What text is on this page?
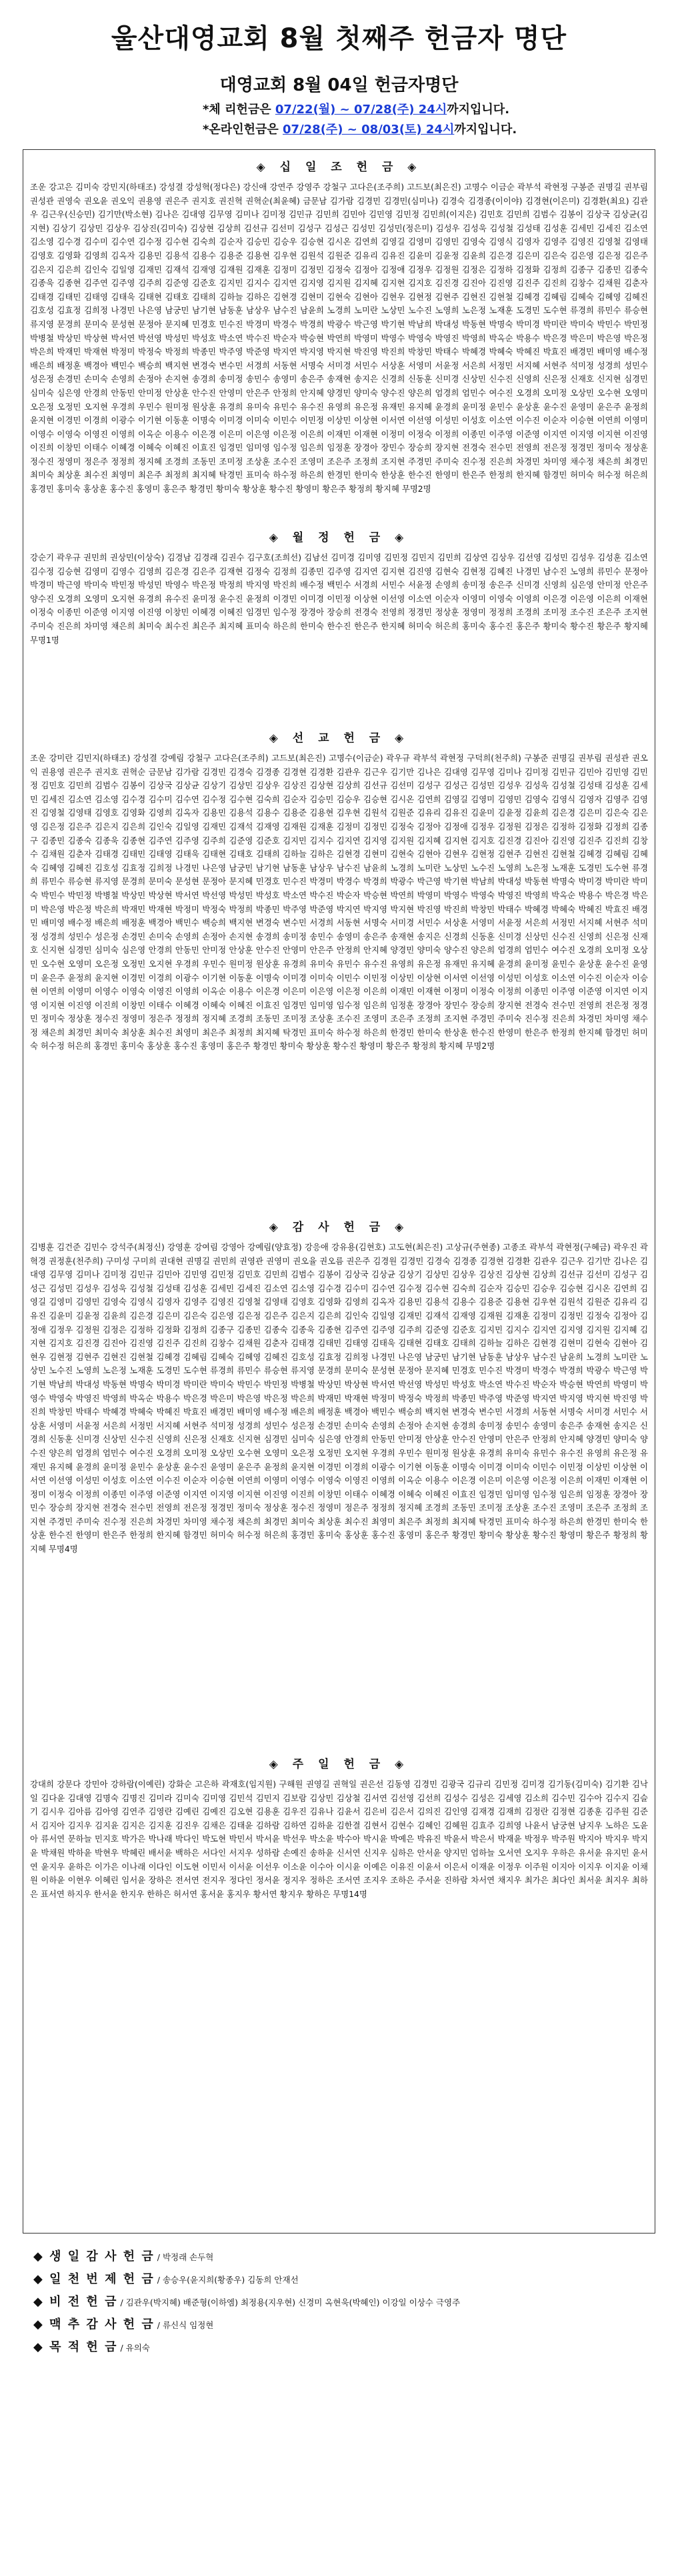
울산대영교회 8월 첫째주 헌금자 명단
대영교회 8월 04일 헌금자명단
*체 리헌금은 07/22(월) ~ 07/28(주) 24시까지입니다.
*온라인헌금은 07/28(주) ~ 08/03(토) 24시까지입니다.
◈ 십 일 조 헌 금 ◈
조운 강고은 김미숙 강민지(하태조) 강성결 강성혁(정다은) 강신애 강연주 강영주 강철구 고다은(조주희) 고드보(최은진) 고명수 이금순 곽부석 곽현정 구봉준 권명길 권부림 권성관 권영숙 권오윤 권오익 권용영 권은주 권지호 권진혁 권혁순(최윤혜) 금문남 김가람 김경민 김경민(심미나) 김경숙 김경종(이이야) 김경현(이은미) 김경환(최요) 김관우 김근우(신승민) 김기만(박소현) 김나은 김대영 김무영 김미나 김미정 김민규 김민희 김민아 김민영 김민정 김민희(이지은) 김민호 김민희 김범수 김봉이 김상국 김상균(김지현) 김상기 김상민 김상우 김상진(김미숙) 김상현 김상희 김선규 김선미 김성구 김성근 김성민 김성민(정은미) 김성우 김성욱 김성철 김성태 김성훈 김세민 김세진 김소연 김소영 김수경 김수미 김수연 김수정 김수현 김숙희 김순자 김승민 김승우 김승현 김시온 김연희 김영길 김영미 김영민 김영숙 김영식 김영자 김영주 김영진 김영철 김영태 김영호 김영화 김영희 김옥자 김용민 김용석 김용수 김용준 김용현 김우현 김원석 김원준 김유리 김유진 김윤미 김윤정 김윤희 김은경 김은미 김은숙 김은영 김은정 김은주 김은지 김은희 김인숙 김일영 김재민 김재석 김재영 김재원 김재훈 김정미 김정민 김정숙 김정아 김정애 김정우 김정원 김정은 김정하 김정화 김정희 김종구 김종민 김종숙 김종욱 김종현 김주연 김주영 김주희 김준영 김준호 김지민 김지수 김지연 김지영 김지원 김지혜 김지현 김지호 김진경 김진아 김진영 김진주 김진희 김창수 김채원 김춘자 김태경 김태민 김태영 김태욱 김태현 김태호 김태희 김하늘 김하은 김현경 김현미 김현숙 김현아 김현우 김현정 김현주 김현진 김현철 김혜경 김혜림 김혜숙 김혜영 김혜진 김호성 김효정 김희정 나경민 나은영 남궁민 남기현 남동훈 남상우 남수진 남윤희 노경희 노미란 노상민 노수진 노영희 노은정 노재훈 도경민 도수현 류경희 류민수 류승현 류지영 문경희 문미숙 문성현 문정아 문지혜 민경호 민수진 박경미 박경수 박경희 박광수 박근영 박기현 박남희 박대성 박동현 박명숙 박미경 박미란 박미숙 박민수 박민정 박병철 박상민 박상현 박서연 박선영 박성민 박성호 박소연 박수진 박순자 박승현 박연희 박영미 박영수 박영숙 박영진 박영희 박옥순 박용수 박은경 박은미 박은영 박은정 박은희 박재민 박재현 박정미 박정숙 박정희 박종민 박주영 박준영 박지연 박지영 박지현 박진영 박진희 박창민 박태수 박혜경 박혜숙 박혜진 박효진 배경민 배미영 배수정 배은희 배정훈 백경아 백민수 백승희 백지현 변경숙 변수민 서경희 서동현 서명숙 서미경 서민수 서상훈 서영미 서윤정 서은희 서정민 서지혜 서현주 석미정 성경희 성민수 성은정 손경민 손미숙 손영희 손정아 손지현 송경희 송미정 송민수 송영미 송은주 송재현 송지은 신경희 신동훈 신미경 신상민 신수진 신영희 신은정 신재호 신지현 심경민 심미숙 심은영 안경희 안동민 안미정 안상훈 안수진 안영미 안은주 안정희 안지혜 양경민 양미숙 양수진 양은희 엄경희 엄민수 여수진 오경희 오미정 오상민 오수현 오영미 오은정 오정민 오지현 우경희 우민수 원미정 원상훈 유경희 유미숙 유민수 유수진 유영희 유은정 유재민 유지혜 윤경희 윤미정 윤민수 윤상훈 윤수진 윤영미 윤은주 윤정희 윤지현 이경민 이경희 이광수 이기현 이동훈 이명숙 이미경 이미숙 이민수 이민정 이상민 이상현 이서연 이선영 이성민 이성호 이소연 이수진 이순자 이승현 이연희 이영미 이영수 이영숙 이영진 이영희 이옥순 이용수 이은경 이은미 이은영 이은정 이은희 이재민 이재현 이정미 이정숙 이정희 이종민 이주영 이준영 이지연 이지영 이지현 이진영 이진희 이창민 이태수 이혜경 이혜숙 이혜진 이효진 임경민 임미영 임수정 임은희 임정훈 장경아 장민수 장승희 장지현 전경숙 전수민 전영희 전은정 정경민 정미숙 정상훈 정수진 정영미 정은주 정정희 정지혜 조경희 조동민 조미정 조상훈 조수진 조영미 조은주 조정희 조지현 주경민 주미숙 진수정 진은희 차경민 차미영 채수정 채은희 최경민 최미숙 최상훈 최수진 최영미 최은주 최정희 최지혜 탁경민 표미숙 하수정 하은희 한경민 한미숙 한상훈 한수진 한영미 한은주 한정희 한지혜 함경민 허미숙 허수정 허은희 홍경민 홍미숙 홍상훈 홍수진 홍영미 홍은주 황경민 황미숙 황상훈 황수진 황영미 황은주 황정희 황지혜 무명2명
◈ 월 정 헌 금 ◈
강순기 곽우규 권민희 권상민(이상숙) 김경남 김경래 김권수 김구호(조희선) 김남선 김미경 김미영 김민정 김민지 김민희 김상연 김상우 김선영 김성민 김성우 김성훈 김소연 김수정 김승현 김영미 김영수 김영희 김은경 김은주 김재현 김정숙 김정희 김종민 김주영 김지연 김지현 김진영 김현숙 김현정 김혜진 나경민 남수진 노영희 류민수 문정아 박경미 박근영 박미숙 박민정 박성민 박영수 박은정 박정희 박지영 박진희 배수정 백민수 서경희 서민수 서윤정 손영희 송미정 송은주 신미경 신영희 심은영 안미정 안은주 양수진 오경희 오영미 오지현 유경희 유수진 윤미정 윤수진 윤정희 이경민 이미경 이민정 이상현 이선영 이소연 이순자 이영미 이영숙 이영희 이은경 이은영 이은희 이재현 이정숙 이종민 이준영 이지영 이진영 이창민 이혜경 이혜진 임경민 임수정 장경아 장승희 전경숙 전영희 정경민 정상훈 정영미 정정희 조경희 조미정 조수진 조은주 조지현 주미숙 진은희 차미영 채은희 최미숙 최수진 최은주 최지혜 표미숙 하은희 한미숙 한수진 한은주 한지혜 허미숙 허은희 홍미숙 홍수진 홍은주 황미숙 황수진 황은주 황지혜 무명1명
◈ 선 교 헌 금 ◈
조운 강미란 김민지(하태조) 강성결 강예림 강철구 고다은(조주희) 고드보(최은진) 고명수(이금순) 곽우규 곽부석 곽현정 구덕희(천주희) 구봉준 권명길 권부림 권성관 권오익 권용영 권은주 권지호 권혁순 금문남 김가람 김경민 김경숙 김경종 김경현 김경환 김관우 김근우 김기만 김나은 김대영 김무영 김미나 김미정 김민규 김민아 김민영 김민정 김민호 김민희 김범수 김봉이 김상국 김상균 김상기 김상민 김상우 김상진 김상현 김상희 김선규 김선미 김성구 김성근 김성민 김성우 김성욱 김성철 김성태 김성훈 김세민 김세진 김소연 김소영 김수경 김수미 김수연 김수정 김수현 김숙희 김순자 김승민 김승우 김승현 김시온 김연희 김영길 김영미 김영민 김영숙 김영식 김영자 김영주 김영진 김영철 김영태 김영호 김영화 김영희 김옥자 김용민 김용석 김용수 김용준 김용현 김우현 김원석 김원준 김유리 김유진 김윤미 김윤정 김윤희 김은경 김은미 김은숙 김은영 김은정 김은주 김은지 김은희 김인숙 김일영 김재민 김재석 김재영 김재원 김재훈 김정미 김정민 김정숙 김정아 김정애 김정우 김정원 김정은 김정하 김정화 김정희 김종구 김종민 김종숙 김종욱 김종현 김주연 김주영 김주희 김준영 김준호 김지민 김지수 김지연 김지영 김지원 김지혜 김지현 김지호 김진경 김진아 김진영 김진주 김진희 김창수 김채원 김춘자 김태경 김태민 김태영 김태욱 김태현 김태호 김태희 김하늘 김하은 김현경 김현미 김현숙 김현아 김현우 김현정 김현주 김현진 김현철 김혜경 김혜림 김혜숙 김혜영 김혜진 김호성 김효정 김희정 나경민 나은영 남궁민 남기현 남동훈 남상우 남수진 남윤희 노경희 노미란 노상민 노수진 노영희 노은정 노재훈 도경민 도수현 류경희 류민수 류승현 류지영 문경희 문미숙 문성현 문정아 문지혜 민경호 민수진 박경미 박경수 박경희 박광수 박근영 박기현 박남희 박대성 박동현 박명숙 박미경 박미란 박미숙 박민수 박민정 박병철 박상민 박상현 박서연 박선영 박성민 박성호 박소연 박수진 박순자 박승현 박연희 박영미 박영수 박영숙 박영진 박영희 박옥순 박용수 박은경 박은미 박은영 박은정 박은희 박재민 박재현 박정미 박정숙 박정희 박종민 박주영 박준영 박지연 박지영 박지현 박진영 박진희 박창민 박태수 박혜경 박혜숙 박혜진 박효진 배경민 배미영 배수정 배은희 배정훈 백경아 백민수 백승희 백지현 변경숙 변수민 서경희 서동현 서명숙 서미경 서민수 서상훈 서영미 서윤정 서은희 서정민 서지혜 서현주 석미정 성경희 성민수 성은정 손경민 손미숙 손영희 손정아 손지현 송경희 송미정 송민수 송영미 송은주 송재현 송지은 신경희 신동훈 신미경 신상민 신수진 신영희 신은정 신재호 신지현 심경민 심미숙 심은영 안경희 안동민 안미정 안상훈 안수진 안영미 안은주 안정희 안지혜 양경민 양미숙 양수진 양은희 엄경희 엄민수 여수진 오경희 오미정 오상민 오수현 오영미 오은정 오정민 오지현 우경희 우민수 원미정 원상훈 유경희 유미숙 유민수 유수진 유영희 유은정 유재민 유지혜 윤경희 윤미정 윤민수 윤상훈 윤수진 윤영미 윤은주 윤정희 윤지현 이경민 이경희 이광수 이기현 이동훈 이명숙 이미경 이미숙 이민수 이민정 이상민 이상현 이서연 이선영 이성민 이성호 이소연 이수진 이순자 이승현 이연희 이영미 이영수 이영숙 이영진 이영희 이옥순 이용수 이은경 이은미 이은영 이은정 이은희 이재민 이재현 이정미 이정숙 이정희 이종민 이주영 이준영 이지연 이지영 이지현 이진영 이진희 이창민 이태수 이혜경 이혜숙 이혜진 이효진 임경민 임미영 임수정 임은희 임정훈 장경아 장민수 장승희 장지현 전경숙 전수민 전영희 전은정 정경민 정미숙 정상훈 정수진 정영미 정은주 정정희 정지혜 조경희 조동민 조미정 조상훈 조수진 조영미 조은주 조정희 조지현 주경민 주미숙 진수정 진은희 차경민 차미영 채수정 채은희 최경민 최미숙 최상훈 최수진 최영미 최은주 최정희 최지혜 탁경민 표미숙 하수정 하은희 한경민 한미숙 한상훈 한수진 한영미 한은주 한정희 한지혜 함경민 허미숙 허수정 허은희 홍경민 홍미숙 홍상훈 홍수진 홍영미 홍은주 황경민 황미숙 황상훈 황수진 황영미 황은주 황정희 황지혜 무명2명
◈ 감 사 헌 금 ◈
김병훈 김건준 김민수 강석주(최정신) 강영훈 강여림 강영아 강예림(양효정) 강응애 강유용(김현호) 고도현(최은진) 고상규(주현종) 고종조 곽부석 곽현정(구혜금) 곽우진 곽혁경 권정훈(천주희) 구미성 구미희 권대현 권명길 권민희 권영관 권영미 권오율 권오름 권은주 김경원 김경민 김경숙 김경종 김경현 김경환 김관우 김근우 김기만 김나은 김대영 김무영 김미나 김미정 김민규 김민아 김민영 김민정 김민호 김민희 김범수 김봉이 김상국 김상균 김상기 김상민 김상우 김상진 김상현 김상희 김선규 김선미 김성구 김성근 김성민 김성우 김성욱 김성철 김성태 김성훈 김세민 김세진 김소연 김소영 김수경 김수미 김수연 김수정 김수현 김숙희 김순자 김승민 김승우 김승현 김시온 김연희 김영길 김영미 김영민 김영숙 김영식 김영자 김영주 김영진 김영철 김영태 김영호 김영화 김영희 김옥자 김용민 김용석 김용수 김용준 김용현 김우현 김원석 김원준 김유리 김유진 김윤미 김윤정 김윤희 김은경 김은미 김은숙 김은영 김은정 김은주 김은지 김은희 김인숙 김일영 김재민 김재석 김재영 김재원 김재훈 김정미 김정민 김정숙 김정아 김정애 김정우 김정원 김정은 김정하 김정화 김정희 김종구 김종민 김종숙 김종욱 김종현 김주연 김주영 김주희 김준영 김준호 김지민 김지수 김지연 김지영 김지원 김지혜 김지현 김지호 김진경 김진아 김진영 김진주 김진희 김창수 김채원 김춘자 김태경 김태민 김태영 김태욱 김태현 김태호 김태희 김하늘 김하은 김현경 김현미 김현숙 김현아 김현우 김현정 김현주 김현진 김현철 김혜경 김혜림 김혜숙 김혜영 김혜진 김호성 김효정 김희정 나경민 나은영 남궁민 남기현 남동훈 남상우 남수진 남윤희 노경희 노미란 노상민 노수진 노영희 노은정 노재훈 도경민 도수현 류경희 류민수 류승현 류지영 문경희 문미숙 문성현 문정아 문지혜 민경호 민수진 박경미 박경수 박경희 박광수 박근영 박기현 박남희 박대성 박동현 박명숙 박미경 박미란 박미숙 박민수 박민정 박병철 박상민 박상현 박서연 박선영 박성민 박성호 박소연 박수진 박순자 박승현 박연희 박영미 박영수 박영숙 박영진 박영희 박옥순 박용수 박은경 박은미 박은영 박은정 박은희 박재민 박재현 박정미 박정숙 박정희 박종민 박주영 박준영 박지연 박지영 박지현 박진영 박진희 박창민 박태수 박혜경 박혜숙 박혜진 박효진 배경민 배미영 배수정 배은희 배정훈 백경아 백민수 백승희 백지현 변경숙 변수민 서경희 서동현 서명숙 서미경 서민수 서상훈 서영미 서윤정 서은희 서정민 서지혜 서현주 석미정 성경희 성민수 성은정 손경민 손미숙 손영희 손정아 손지현 송경희 송미정 송민수 송영미 송은주 송재현 송지은 신경희 신동훈 신미경 신상민 신수진 신영희 신은정 신재호 신지현 심경민 심미숙 심은영 안경희 안동민 안미정 안상훈 안수진 안영미 안은주 안정희 안지혜 양경민 양미숙 양수진 양은희 엄경희 엄민수 여수진 오경희 오미정 오상민 오수현 오영미 오은정 오정민 오지현 우경희 우민수 원미정 원상훈 유경희 유미숙 유민수 유수진 유영희 유은정 유재민 유지혜 윤경희 윤미정 윤민수 윤상훈 윤수진 윤영미 윤은주 윤정희 윤지현 이경민 이경희 이광수 이기현 이동훈 이명숙 이미경 이미숙 이민수 이민정 이상민 이상현 이서연 이선영 이성민 이성호 이소연 이수진 이순자 이승현 이연희 이영미 이영수 이영숙 이영진 이영희 이옥순 이용수 이은경 이은미 이은영 이은정 이은희 이재민 이재현 이정미 이정숙 이정희 이종민 이주영 이준영 이지연 이지영 이지현 이진영 이진희 이창민 이태수 이혜경 이혜숙 이혜진 이효진 임경민 임미영 임수정 임은희 임정훈 장경아 장민수 장승희 장지현 전경숙 전수민 전영희 전은정 정경민 정미숙 정상훈 정수진 정영미 정은주 정정희 정지혜 조경희 조동민 조미정 조상훈 조수진 조영미 조은주 조정희 조지현 주경민 주미숙 진수정 진은희 차경민 차미영 채수정 채은희 최경민 최미숙 최상훈 최수진 최영미 최은주 최정희 최지혜 탁경민 표미숙 하수정 하은희 한경민 한미숙 한상훈 한수진 한영미 한은주 한정희 한지혜 함경민 허미숙 허수정 허은희 홍경민 홍미숙 홍상훈 홍수진 홍영미 홍은주 황경민 황미숙 황상훈 황수진 황영미 황은주 황정희 황지혜 무명4명
◈ 주 일 헌 금 ◈
강대희 강문다 강민아 강하람(이예린) 강화순 고은하 곽재호(임지원) 구해원 권영길 권혁일 권은선 김동영 김경민 김광국 김규리 김민정 김미경 김기동(김미숙) 김기환 김낙일 김다윤 김대영 김명숙 김명진 김미라 김미숙 김미영 김민석 김민지 김보람 김상민 김상철 김서연 김선영 김선희 김성수 김성은 김세영 김소희 김수민 김수아 김수지 김슬기 김시우 김아름 김아영 김연주 김영란 김예린 김예진 김오현 김용훈 김우진 김유나 김윤서 김은비 김은서 김의진 김인영 김재경 김재희 김정란 김정현 김종훈 김주원 김준서 김지아 김지우 김지윤 김지은 김지훈 김진우 김채은 김태윤 김하람 김하연 김하윤 김한결 김현서 김현수 김혜인 김혜원 김효주 김희영 나윤서 남궁현 남지우 노하은 도윤아 류서연 문하늘 민지호 박가은 박나래 박다인 박도현 박민서 박서윤 박선우 박소윤 박수아 박시윤 박예은 박유진 박윤서 박은서 박재윤 박정우 박주원 박지아 박지우 박지윤 박채원 박하윤 박현우 박혜린 배서윤 백하은 서다인 서지우 성하람 손예진 송하윤 신서연 신지우 심하은 안서윤 양지민 엄하늘 오서연 오지우 우하은 유서윤 유지민 윤서연 윤지우 윤하은 이가은 이나래 이다인 이도현 이민서 이서윤 이선우 이소윤 이수아 이시윤 이예은 이유진 이윤서 이은서 이재윤 이정우 이주원 이지아 이지우 이지윤 이채원 이하윤 이현우 이혜린 임서윤 장하은 전서연 전지우 정다인 정서윤 정지우 정하은 조서연 조지우 조하은 주서윤 진하람 차서연 채지우 최가은 최다인 최서윤 최지우 최하은 표서연 하지우 한서윤 한지우 한하은 허서연 홍서윤 홍지우 황서연 황지우 황하은 무명14명
◆ 생 일 감 사 헌 금 / 박정래 손두혁
◆ 일 천 번 제 헌 금 / 송승우(윤지희(황종우) 김동희 안재선
◆ 비 전 헌 금 / 김관우(박지혜) 배준형(이하엠) 최정용(지우현) 신경미 옥현욱(박혜인) 이강일 이상수 극영주
◆ 맥 추 감 사 헌 금 / 류신식 임정현
◆ 목 적 헌 금 / 유의숙
